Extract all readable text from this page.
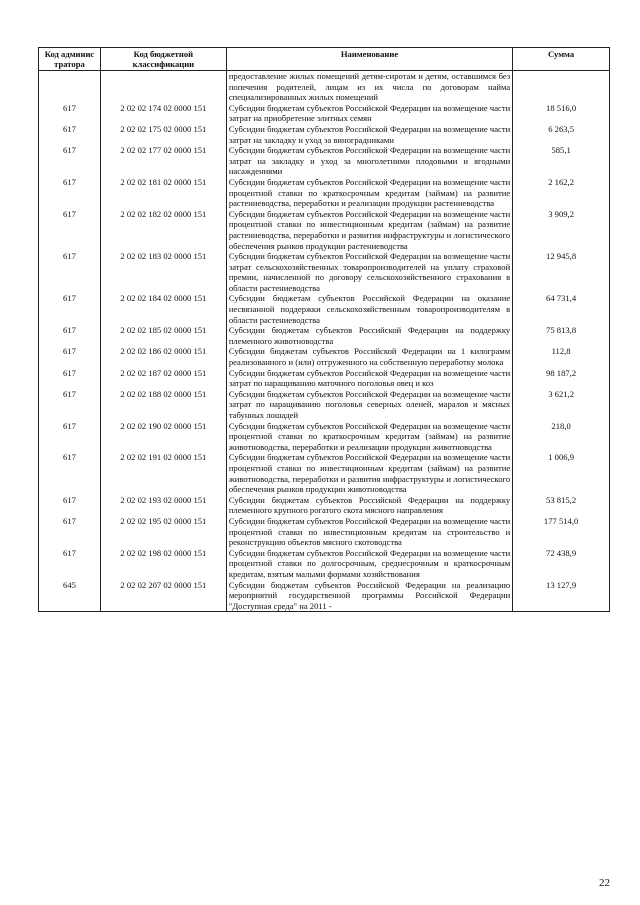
Код админис тратора	Код бюджетной классификации	Наименование	Сумма
		предоставление жилых помещений детям-сиротам и детям, оставшимся без попечения родителей, лицам из их числа по договорам найма специализированных жилых помещений	
617	2 02 02 174 02 0000 151	Субсидии бюджетам субъектов Российской Федерации на возмещение части затрат на приобретение элитных семян	18 516,0
617	2 02 02 175 02 0000 151	Субсидии бюджетам субъектов Российской Федерации на возмещение части затрат на закладку и уход за виноградниками	6 263,5
617	2 02 02 177 02 0000 151	Субсидии бюджетам субъектов Российской Федерации на возмещение части затрат на закладку и уход за многолетними плодовыми и ягодными насаждениями	585,1
617	2 02 02 181 02 0000 151	Субсидии бюджетам субъектов Российской Федерации на возмещение части процентной ставки по краткосрочным кредитам (займам) на развитие растениеводства, переработки и реализации продукции растениеводства	2 162,2
617	2 02 02 182 02 0000 151	Субсидии бюджетам субъектов Российской Федерации на возмещение части процентной ставки по инвестиционным кредитам (займам) на развитие растениеводства, переработки и развития инфраструктуры и логистического обеспечения рынков продукции растениеводства	3 909,2
617	2 02 02 183 02 0000 151	Субсидии бюджетам субъектов Российской Федерации на возмещение части затрат сельскохозяйственных товаропроизводителей на уплату страховой премии, начисленной по договору сельскохозяйственного страхования в области растениеводства	12 945,8
617	2 02 02 184 02 0000 151	Субсидии бюджетам субъектов Российской Федерации на оказание несвязанной поддержки сельскохозяйственным товаропроизводителям в области растениеводства	64 731,4
617	2 02 02 185 02 0000 151	Субсидии бюджетам субъектов Российской Федерации на поддержку племенного животноводства	75 813,8
617	2 02 02 186 02 0000 151	Субсидии бюджетам субъектов Российской Федерации на 1 килограмм реализованного и (или) отгруженного на собственную переработку молока	112,8
617	2 02 02 187 02 0000 151	Субсидии бюджетам субъектов Российской Федерации на возмещение части затрат по наращиванию маточного поголовья овец и коз	98 187,2
617	2 02 02 188 02 0000 151	Субсидии бюджетам субъектов Российской Федерации на возмещение части затрат по наращиванию поголовья северных оленей, маралов и мясных табунных лошадей	3 621,2
617	2 02 02 190 02 0000 151	Субсидии бюджетам субъектов Российской Федерации на возмещение части процентной ставки по краткосрочным кредитам (займам) на развитие животноводства, переработки и реализации продукции животноводства	218,0
617	2 02 02 191 02 0000 151	Субсидии бюджетам субъектов Российской Федерации на возмещение части процентной ставки по инвестиционным кредитам (займам) на развитие животноводства, переработки и развития инфраструктуры и логистического обеспечения рынков продукции животноводства	1 006,9
617	2 02 02 193 02 0000 151	Субсидии бюджетам субъектов Российской Федерации на поддержку племенного крупного рогатого скота мясного направления	53 815,2
617	2 02 02 195 02 0000 151	Субсидии бюджетам субъектов Российской Федерации на возмещение части процентной ставки по инвестиционным кредитам на строительство и реконструкцию объектов мясного скотоводства	177 514,0
617	2 02 02 198 02 0000 151	Субсидии бюджетам субъектов Российской Федерации на возмещение части процентной ставки по долгосрочным, среднесрочным и краткосрочным кредитам, взятым малыми формами хозяйствования	72 438,9
645	2 02 02 207 02 0000 151	Субсидии бюджетам субъектов Российской Федерации на реализацию мероприятий государственной программы Российской Федерации "Доступная среда" на 2011 -	13 127,9
22
